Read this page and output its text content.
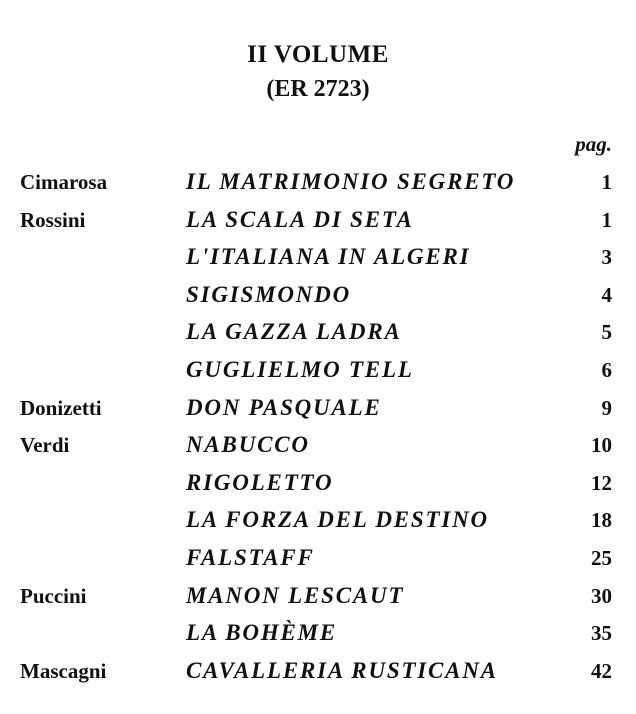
II VOLUME
(ER 2723)
pag.
Cimarosa	IL MATRIMONIO SEGRETO	1
Rossini	LA SCALA DI SETA	1
L'ITALIANA IN ALGERI	3
SIGISMONDO	4
LA GAZZA LADRA	5
GUGLIELMO TELL	6
Donizetti	DON PASQUALE	9
Verdi	NABUCCO	10
RIGOLETTO	12
LA FORZA DEL DESTINO	18
FALSTAFF	25
Puccini	MANON LESCAUT	30
LA BOHÈME	35
Mascagni	CAVALLERIA RUSTICANA	42
